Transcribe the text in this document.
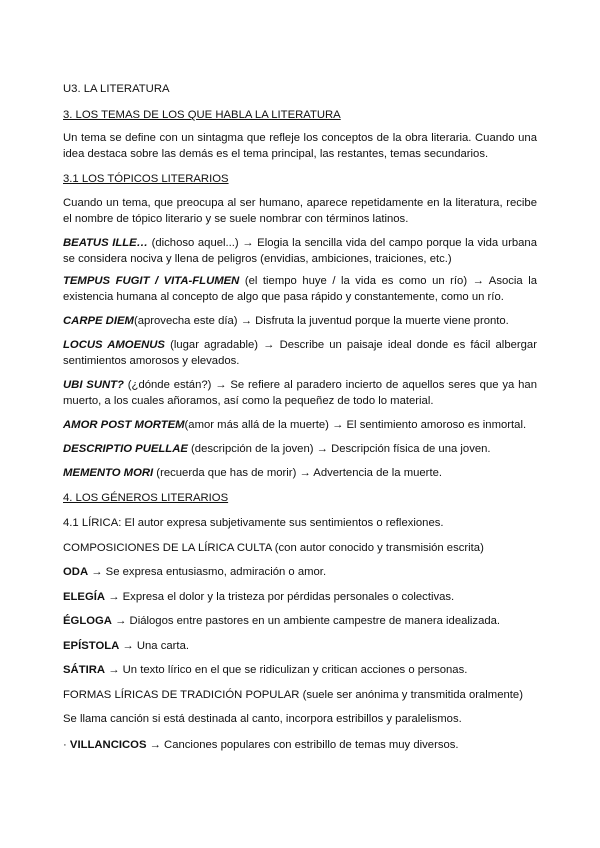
U3. LA LITERATURA

3. LOS TEMAS DE LOS QUE HABLA LA LITERATURA

Un tema se define con un sintagma que refleje los conceptos de la obra literaria. Cuando una idea destaca sobre las demás es el tema principal, las restantes, temas secundarios.

3.1 LOS TÓPICOS LITERARIOS

Cuando un tema, que preocupa al ser humano, aparece repetidamente en la literatura, recibe el nombre de tópico literario y se suele nombrar con términos latinos.

BEATUS ILLE… (dichoso aquel...) → Elogia la sencilla vida del campo porque la vida urbana se considera nociva y llena de peligros (envidias, ambiciones, traiciones, etc.)

TEMPUS FUGIT / VITA-FLUMEN (el tiempo huye / la vida es como un río) → Asocia la existencia humana al concepto de algo que pasa rápido y constantemente, como un río.

CARPE DIEM(aprovecha este día) → Disfruta la juventud porque la muerte viene pronto.

LOCUS AMOENUS (lugar agradable) → Describe un paisaje ideal donde es fácil albergar sentimientos amorosos y elevados.

UBI SUNT? (¿dónde están?) → Se refiere al paradero incierto de aquellos seres que ya han muerto, a los cuales añoramos, así como la pequeñez de todo lo material.

AMOR POST MORTEM(amor más allá de la muerte) → El sentimiento amoroso es inmortal.

DESCRIPTIO PUELLAE (descripción de la joven) → Descripción física de una joven.

MEMENTO MORI (recuerda que has de morir) → Advertencia de la muerte.

4. LOS GÉNEROS LITERARIOS

4.1 LÍRICA: El autor expresa subjetivamente sus sentimientos o reflexiones.

COMPOSICIONES DE LA LÍRICA CULTA (con autor conocido y transmisión escrita)

ODA → Se expresa entusiasmo, admiración o amor.

ELEGÍA → Expresa el dolor y la tristeza por pérdidas personales o colectivas.

ÉGLOGA → Diálogos entre pastores en un ambiente campestre de manera idealizada.

EPÍSTOLA → Una carta.

SÁTIRA → Un texto lírico en el que se ridiculizan y critican acciones o personas.

FORMAS LÍRICAS DE TRADICIÓN POPULAR (suele ser anónima y transmitida oralmente)

Se llama canción si está destinada al canto, incorpora estribillos y paralelismos.

· VILLANCICOS → Canciones populares con estribillo de temas muy diversos.
